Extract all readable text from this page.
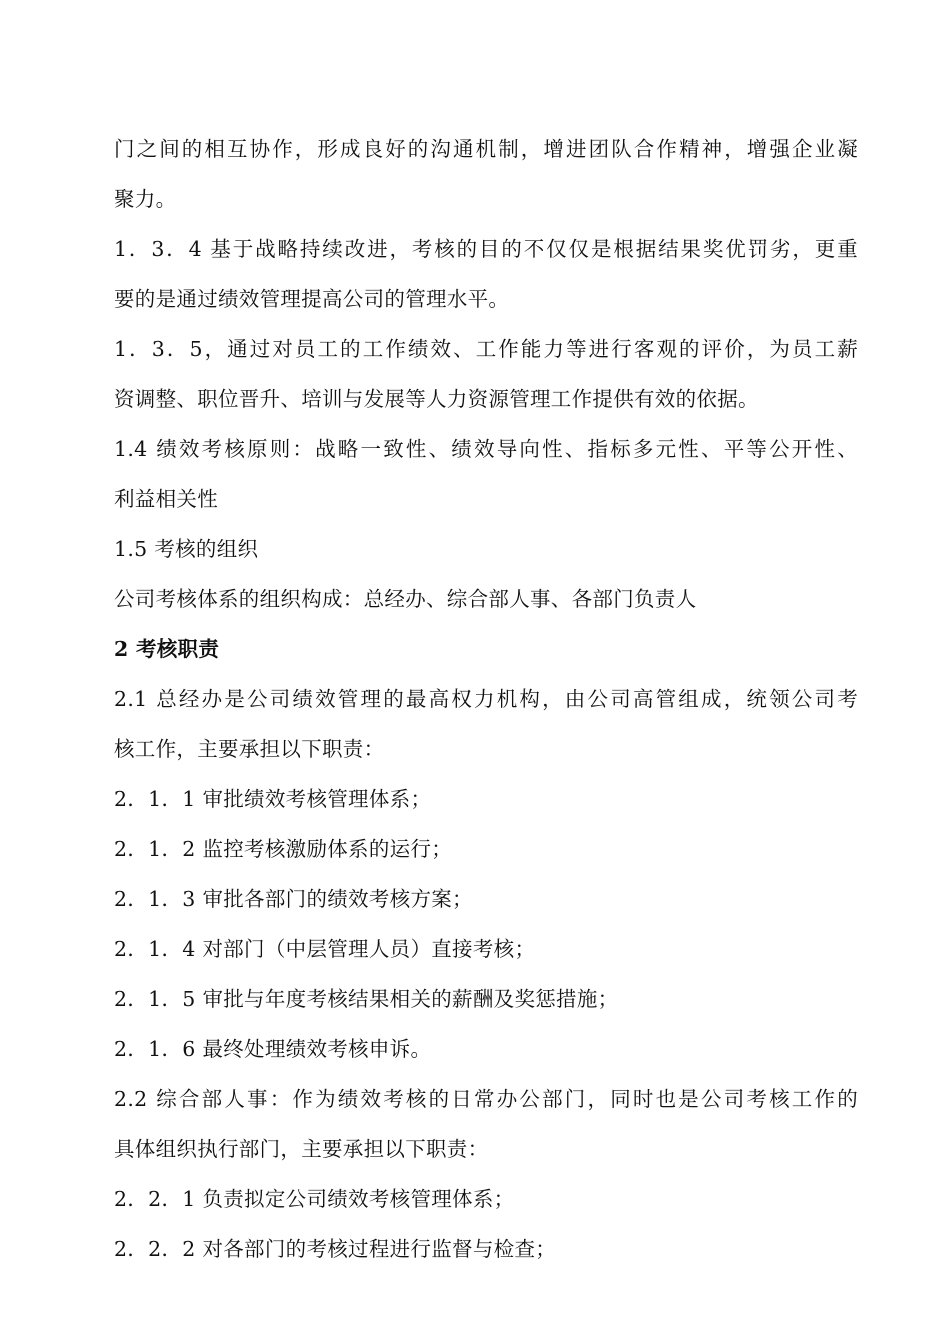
门之间的相互协作，形成良好的沟通机制，增进团队合作精神，增强企业凝
聚力。
1．3．4 基于战略持续改进，考核的目的不仅仅是根据结果奖优罚劣，更重
要的是通过绩效管理提高公司的管理水平。
1．3．5，通过对员工的工作绩效、工作能力等进行客观的评价，为员工薪
资调整、职位晋升、培训与发展等人力资源管理工作提供有效的依据。
1.4 绩效考核原则：战略一致性、绩效导向性、指标多元性、平等公开性、
利益相关性
1.5 考核的组织
公司考核体系的组织构成：总经办、综合部人事、各部门负责人
2 考核职责
2.1 总经办是公司绩效管理的最高权力机构，由公司高管组成，统领公司考
核工作，主要承担以下职责：
2．1．1 审批绩效考核管理体系；
2．1．2 监控考核激励体系的运行；
2．1．3 审批各部门的绩效考核方案；
2．1．4 对部门（中层管理人员）直接考核；
2．1．5 审批与年度考核结果相关的薪酬及奖惩措施；
2．1．6 最终处理绩效考核申诉。
2.2 综合部人事：作为绩效考核的日常办公部门，同时也是公司考核工作的
具体组织执行部门，主要承担以下职责：
2．2．1 负责拟定公司绩效考核管理体系；
2．2．2 对各部门的考核过程进行监督与检查；
